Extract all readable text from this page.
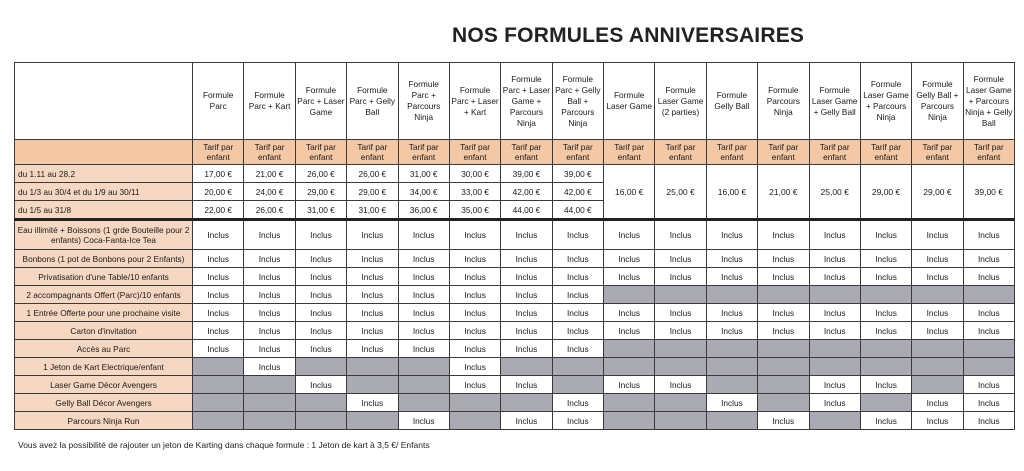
NOS FORMULES ANNIVERSAIRES
	Formule Parc	Formule Parc + Kart	Formule Parc + Laser Game	Formule Parc + Gelly Ball	Formule Parc + Parcours Ninja	Formule Parc + Laser + Kart	Formule Parc + Laser Game + Parcours Ninja	Formule Parc + Gelly Ball + Parcours Ninja	Formule Laser Game	Formule Laser Game (2 parties)	Formule Gelly Ball	Formule Parcours Ninja	Formule Laser Game + Gelly Ball	Formule Laser Game + Parcours Ninja	Formule Gelly Ball + Parcours Ninja	Formule Laser Game + Parcours Ninja + Gelly Ball
	Tarif par enfant	Tarif par enfant	Tarif par enfant	Tarif par enfant	Tarif par enfant	Tarif par enfant	Tarif par enfant	Tarif par enfant	Tarif par enfant	Tarif par enfant	Tarif par enfant	Tarif par enfant	Tarif par enfant	Tarif par enfant	Tarif par enfant	Tarif par enfant
du 1.11 au 28.2	17,00 €	21,00 €	26,00 €	26,00 €	31,00 €	30,00 €	39,00 €	39,00 €	16,00 €	25,00 €	16,00 €	21,00 €	25,00 €	29,00 €	29,00 €	39,00 €
du 1/3 au 30/4 et du 1/9 au 30/11	20,00 €	24,00 €	29,00 €	29,00 €	34,00 €	33,00 €	42,00 €	42,00 €								
du 1/5 au 31/8	22,00 €	26,00 €	31,00 €	31,00 €	36,00 €	35,00 €	44,00 €	44,00 €								
Eau illimité + Boissons (1 grde Bouteille pour 2 enfants) Coca-Fanta-Ice Tea	Inclus	Inclus	Inclus	Inclus	Inclus	Inclus	Inclus	Inclus	Inclus	Inclus	Inclus	Inclus	Inclus	Inclus	Inclus	Inclus
Bonbons (1 pot de Bonbons pour 2 Enfants)	Inclus	Inclus	Inclus	Inclus	Inclus	Inclus	Inclus	Inclus	Inclus	Inclus	Inclus	Inclus	Inclus	Inclus	Inclus	Inclus
Privatisation d'une Table/10 enfants	Inclus	Inclus	Inclus	Inclus	Inclus	Inclus	Inclus	Inclus	Inclus	Inclus	Inclus	Inclus	Inclus	Inclus	Inclus	Inclus
2 accompagnants Offert (Parc)/10 enfants	Inclus	Inclus	Inclus	Inclus	Inclus	Inclus	Inclus	Inclus								
1 Entrée Offerte pour une prochaine visite	Inclus	Inclus	Inclus	Inclus	Inclus	Inclus	Inclus	Inclus	Inclus	Inclus	Inclus	Inclus	Inclus	Inclus	Inclus	Inclus
Carton d'invitation	Inclus	Inclus	Inclus	Inclus	Inclus	Inclus	Inclus	Inclus	Inclus	Inclus	Inclus	Inclus	Inclus	Inclus	Inclus	Inclus
Accès au Parc	Inclus	Inclus	Inclus	Inclus	Inclus	Inclus	Inclus	Inclus								
1 Jeton de Kart Electrique/enfant		Inclus				Inclus										
Laser Game Décor Avengers			Inclus			Inclus	Inclus		Inclus	Inclus			Inclus	Inclus		Inclus
Gelly Ball Décor Avengers				Inclus				Inclus			Inclus		Inclus		Inclus	Inclus
Parcours Ninja Run					Inclus		Inclus	Inclus				Inclus		Inclus	Inclus	Inclus
Vous avez la possibilité de rajouter un jeton de Karting dans chaque formule : 1 Jeton de kart à 3,5 €/ Enfants
